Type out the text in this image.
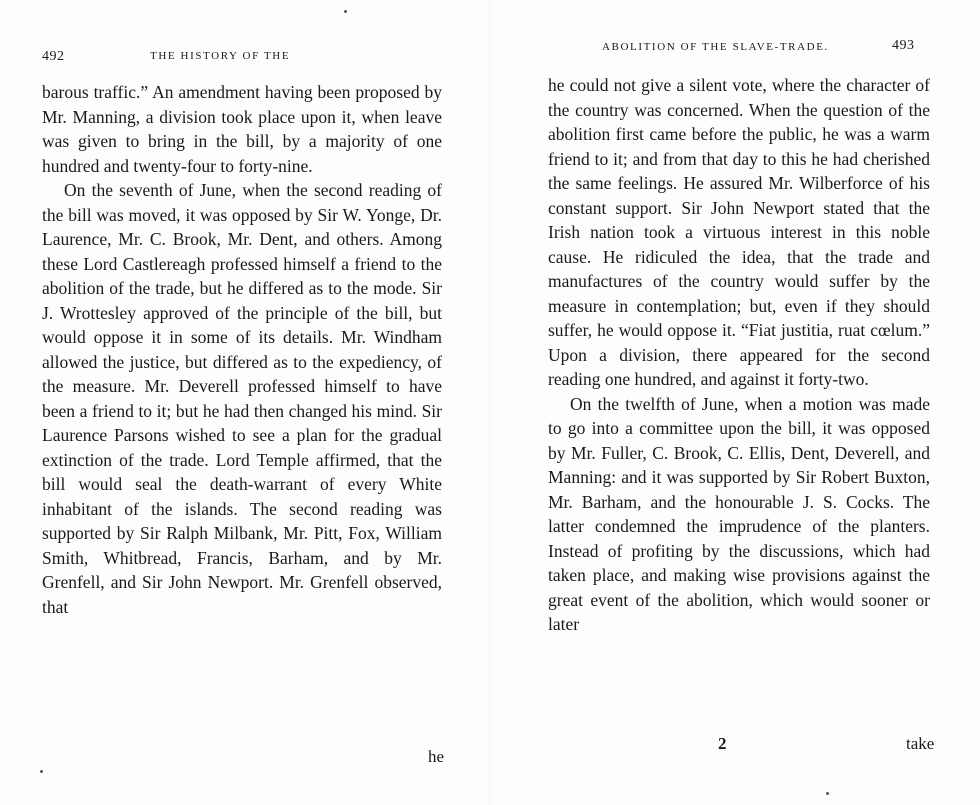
492	THE HISTORY OF THE

barous traffic.” An amendment having been proposed by Mr. Manning, a division took place upon it, when leave was given to bring in the bill, by a majority of one hundred and twenty-four to forty-nine.

On the seventh of June, when the second reading of the bill was moved, it was opposed by Sir W. Yonge, Dr. Laurence, Mr. C. Brook, Mr. Dent, and others. Among these Lord Castlereagh professed himself a friend to the abolition of the trade, but he differed as to the mode. Sir J. Wrottesley approved of the principle of the bill, but would oppose it in some of its details. Mr. Windham allowed the justice, but differed as to the expediency, of the measure. Mr. Deverell professed himself to have been a friend to it; but he had then changed his mind. Sir Laurence Parsons wished to see a plan for the gradual extinction of the trade. Lord Temple affirmed, that the bill would seal the death-warrant of every White inhabitant of the islands. The second reading was supported by Sir Ralph Milbank, Mr. Pitt, Fox, William Smith, Whitbread, Francis, Barham, and by Mr. Grenfell, and Sir John Newport. Mr. Grenfell observed, that

he
ABOLITION OF THE SLAVE-TRADE.	493
2	take

he could not give a silent vote, where the character of the country was concerned. When the question of the abolition first came before the public, he was a warm friend to it; and from that day to this he had cherished the same feelings. He assured Mr. Wilberforce of his constant support. Sir John Newport stated that the Irish nation took a virtuous interest in this noble cause. He ridiculed the idea, that the trade and manufactures of the country would suffer by the measure in contemplation; but, even if they should suffer, he would oppose it. “Fiat justitia, ruat cœlum.” Upon a division, there appeared for the second reading one hundred, and against it forty-two.

On the twelfth of June, when a motion was made to go into a committee upon the bill, it was opposed by Mr. Fuller, C. Brook, C. Ellis, Dent, Deverell, and Manning: and it was supported by Sir Robert Buxton, Mr. Barham, and the honourable J. S. Cocks. The latter condemned the imprudence of the planters. Instead of profiting by the discussions, which had taken place, and making wise provisions against the great event of the abolition, which would sooner or later
